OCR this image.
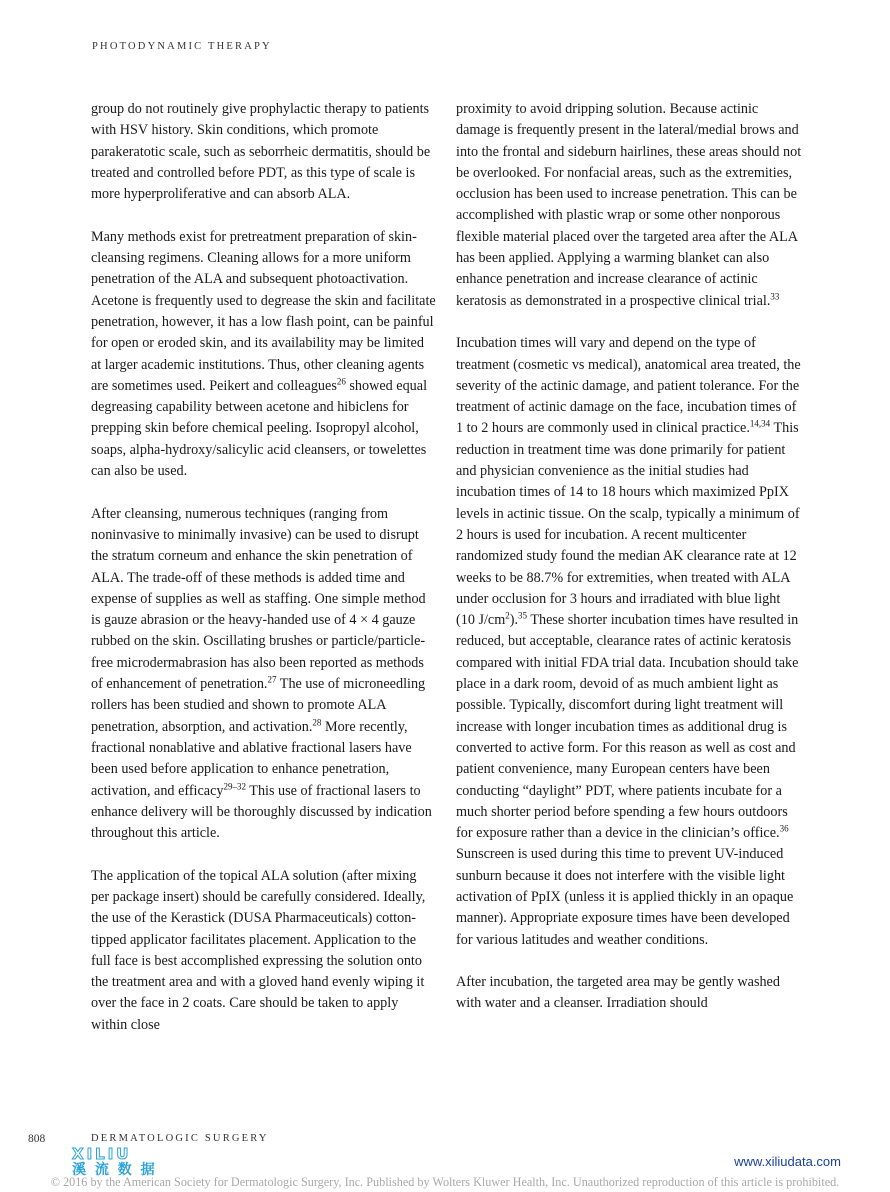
PHOTODYNAMIC THERAPY

group do not routinely give prophylactic therapy to patients with HSV history. Skin conditions, which promote parakeratotic scale, such as seborrheic dermatitis, should be treated and controlled before PDT, as this type of scale is more hyperproliferative and can absorb ALA.

Many methods exist for pretreatment preparation of skin-cleansing regimens. Cleaning allows for a more uniform penetration of the ALA and subsequent photoactivation. Acetone is frequently used to degrease the skin and facilitate penetration, however, it has a low flash point, can be painful for open or eroded skin, and its availability may be limited at larger academic institutions. Thus, other cleaning agents are sometimes used. Peikert and colleagues$^{26}$ showed equal degreasing capability between acetone and hibiclens for prepping skin before chemical peeling. Isopropyl alcohol, soaps, alpha-hydroxy/salicylic acid cleansers, or towelettes can also be used.

After cleansing, numerous techniques (ranging from noninvasive to minimally invasive) can be used to disrupt the stratum corneum and enhance the skin penetration of ALA. The trade-off of these methods is added time and expense of supplies as well as staffing. One simple method is gauze abrasion or the heavy-handed use of 4 × 4 gauze rubbed on the skin. Oscillating brushes or particle/particle-free microdermabrasion has also been reported as methods of enhancement of penetration.$^{27}$ The use of microneedling rollers has been studied and shown to promote ALA penetration, absorption, and activation.$^{28}$ More recently, fractional nonablative and ablative fractional lasers have been used before application to enhance penetration, activation, and efficacy$^{29-32}$ This use of fractional lasers to enhance delivery will be thoroughly discussed by indication throughout this article.

The application of the topical ALA solution (after mixing per package insert) should be carefully considered. Ideally, the use of the Kerastick (DUSA Pharmaceuticals) cotton-tipped applicator facilitates placement. Application to the full face is best accomplished expressing the solution onto the treatment area and with a gloved hand evenly wiping it over the face in 2 coats. Care should be taken to apply within close

proximity to avoid dripping solution. Because actinic damage is frequently present in the lateral/medial brows and into the frontal and sideburn hairlines, these areas should not be overlooked. For nonfacial areas, such as the extremities, occlusion has been used to increase penetration. This can be accomplished with plastic wrap or some other nonporous flexible material placed over the targeted area after the ALA has been applied. Applying a warming blanket can also enhance penetration and increase clearance of actinic keratosis as demonstrated in a prospective clinical trial.$^{33}$

Incubation times will vary and depend on the type of treatment (cosmetic vs medical), anatomical area treated, the severity of the actinic damage, and patient tolerance. For the treatment of actinic damage on the face, incubation times of 1 to 2 hours are commonly used in clinical practice.$^{14,34}$ This reduction in treatment time was done primarily for patient and physician convenience as the initial studies had incubation times of 14 to 18 hours which maximized PpIX levels in actinic tissue. On the scalp, typically a minimum of 2 hours is used for incubation. A recent multicenter randomized study found the median AK clearance rate at 12 weeks to be 88.7% for extremities, when treated with ALA under occlusion for 3 hours and irradiated with blue light (10 $J/cm^2).^{35}$ These shorter incubation times have resulted in reduced, but acceptable, clearance rates of actinic keratosis compared with initial FDA trial data. Incubation should take place in a dark room, devoid of as much ambient light as possible. Typically, discomfort during light treatment will increase with longer incubation times as additional drug is converted to active form. For this reason as well as cost and patient convenience, many European centers have been conducting “daylight” PDT, where patients incubate for a much shorter period before spending a few hours outdoors for exposure rather than a device in the clinician’s office.$^{36}$ Sunscreen is used during this time to prevent UV-induced sunburn because it does not interfere with the visible light activation of PpIX (unless it is applied thickly in an opaque manner). Appropriate exposure times have been developed for various latitudes and weather conditions.

After incubation, the targeted area may be gently washed with water and a cleanser. Irradiation should

808	DERMATOLOGIC SURGERY
XILIU
溪 流 数 据
www.xiliudata.com
© 2016 by the American Society for Dermatologic Surgery, Inc. Published by Wolters Kluwer Health, Inc. Unauthorized reproduction of this article is prohibited.
